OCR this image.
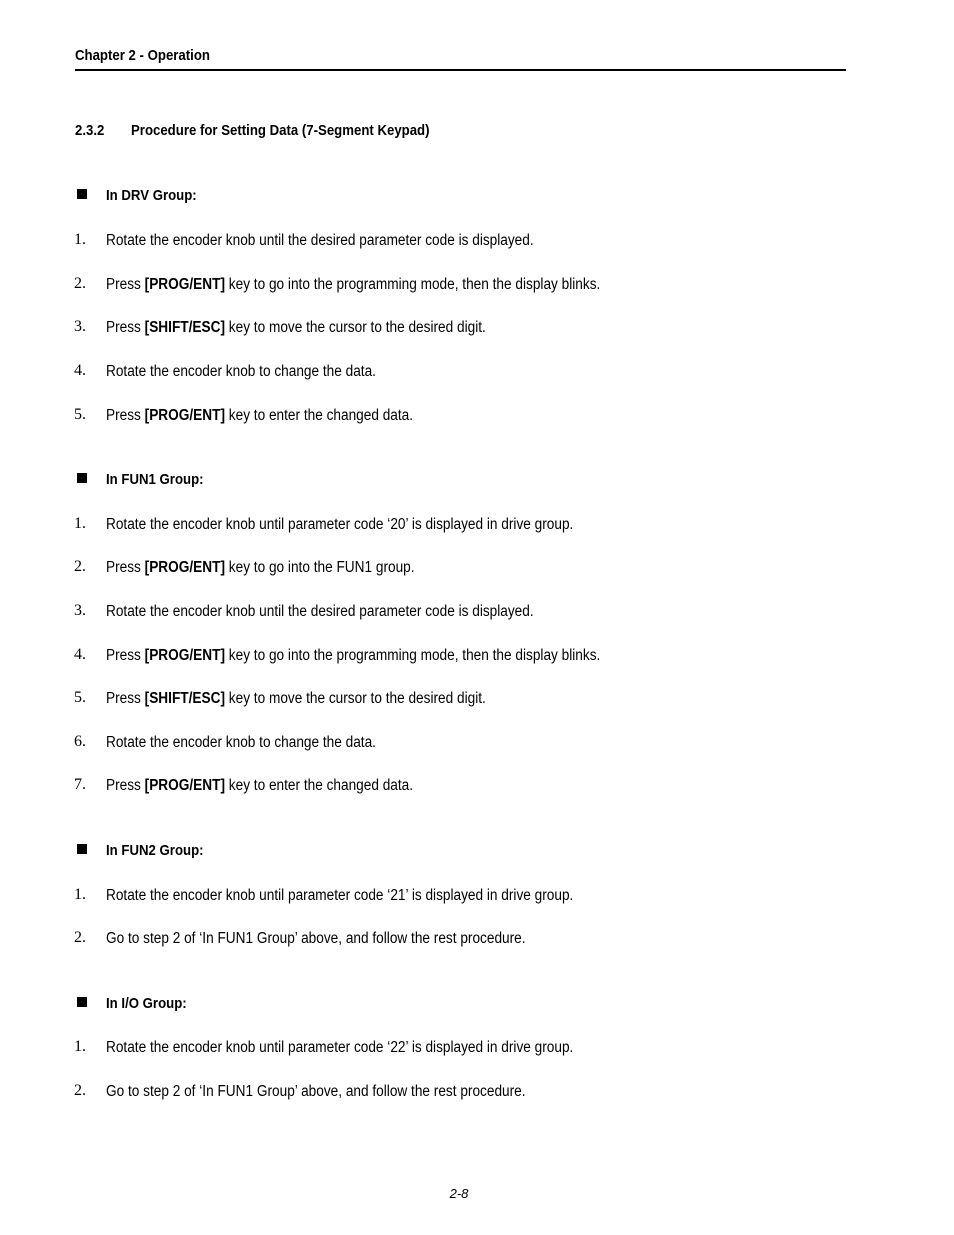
Chapter 2 - Operation
2.3.2 Procedure for Setting Data (7-Segment Keypad)
In DRV Group:
1. Rotate the encoder knob until the desired parameter code is displayed.
2. Press [PROG/ENT] key to go into the programming mode, then the display blinks.
3. Press [SHIFT/ESC] key to move the cursor to the desired digit.
4. Rotate the encoder knob to change the data.
5. Press [PROG/ENT] key to enter the changed data.
In FUN1 Group:
1. Rotate the encoder knob until parameter code ‘20’ is displayed in drive group.
2. Press [PROG/ENT] key to go into the FUN1 group.
3. Rotate the encoder knob until the desired parameter code is displayed.
4. Press [PROG/ENT] key to go into the programming mode, then the display blinks.
5. Press [SHIFT/ESC] key to move the cursor to the desired digit.
6. Rotate the encoder knob to change the data.
7. Press [PROG/ENT] key to enter the changed data.
In FUN2 Group:
1. Rotate the encoder knob until parameter code ‘21’ is displayed in drive group.
2. Go to step 2 of ‘In FUN1 Group’ above, and follow the rest procedure.
In I/O Group:
1. Rotate the encoder knob until parameter code ‘22’ is displayed in drive group.
2. Go to step 2 of ‘In FUN1 Group’ above, and follow the rest procedure.
2-8
